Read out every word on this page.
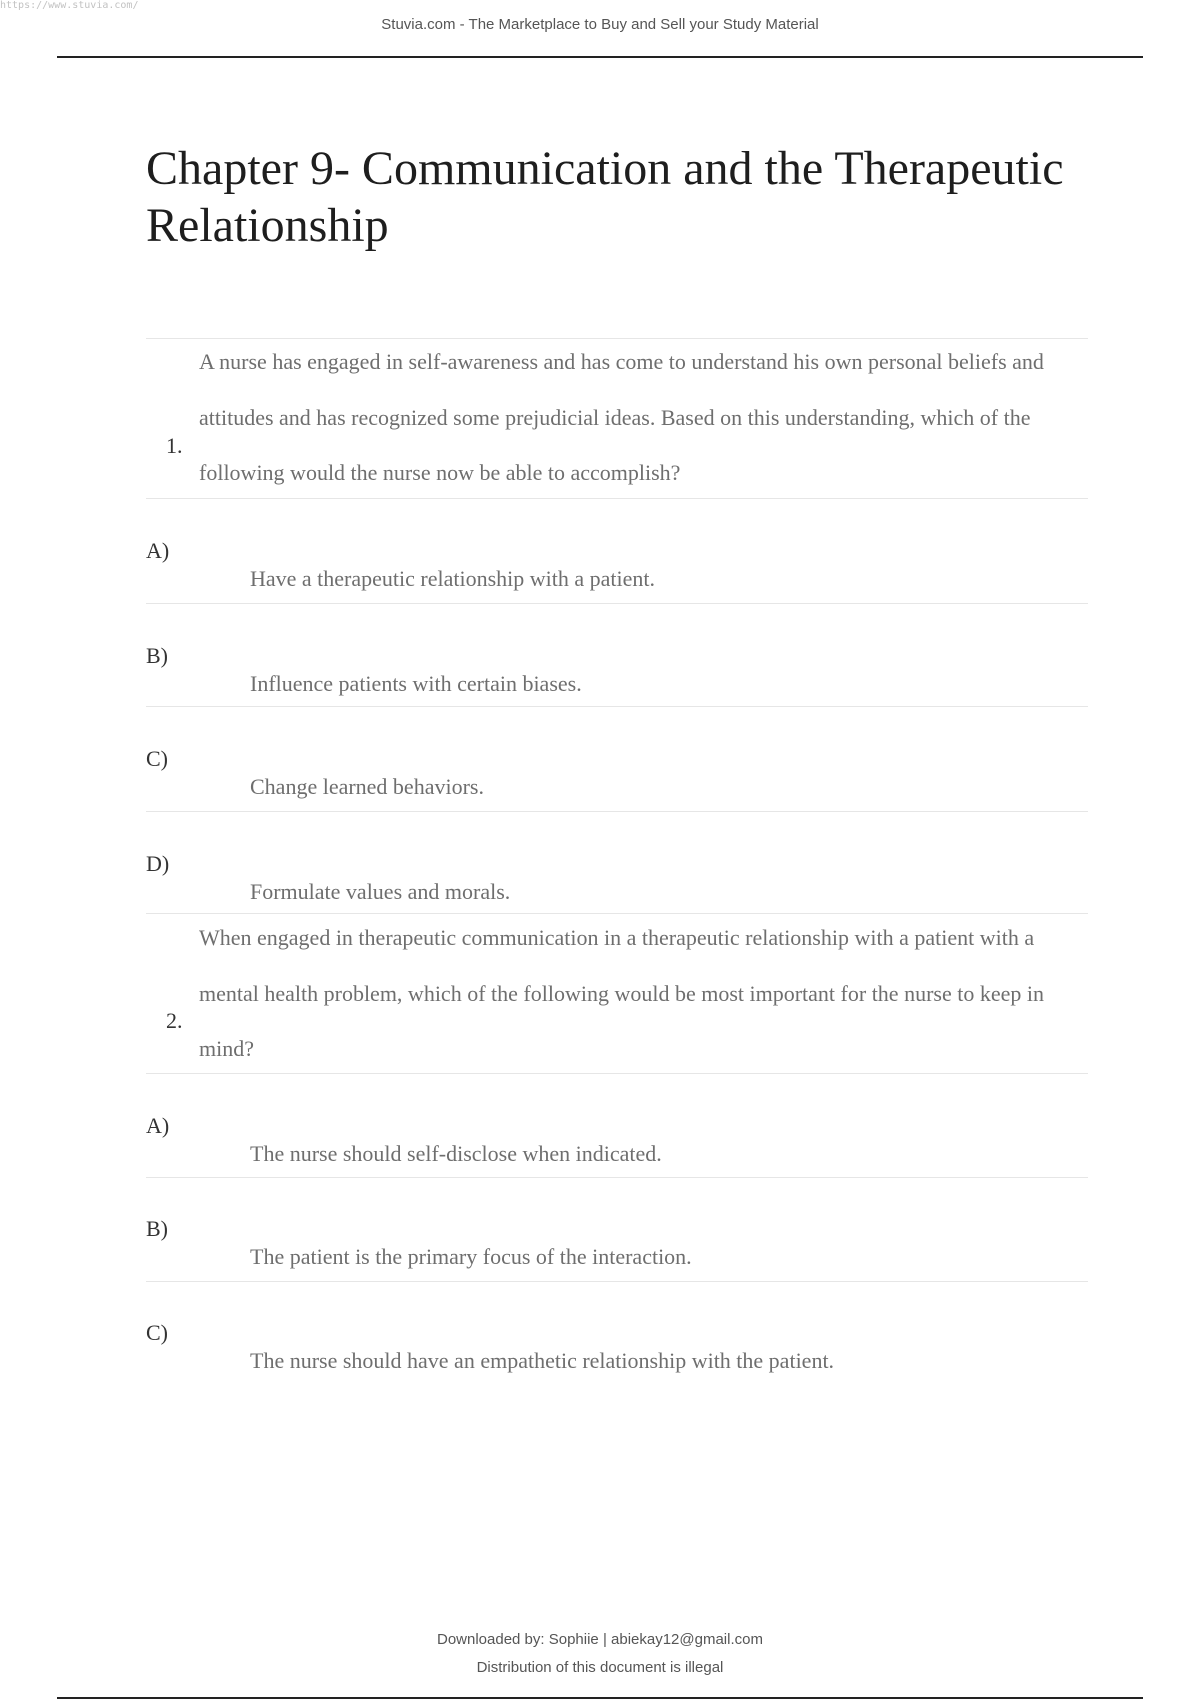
https://www.stuvia.com/
Stuvia.com - The Marketplace to Buy and Sell your Study Material
Chapter 9- Communication and the Therapeutic Relationship
1.
A nurse has engaged in self-awareness and has come to understand his own personal beliefs and attitudes and has recognized some prejudicial ideas. Based on this understanding, which of the following would the nurse now be able to accomplish?
A)
Have a therapeutic relationship with a patient.
B)
Influence patients with certain biases.
C)
Change learned behaviors.
D)
Formulate values and morals.
2.
When engaged in therapeutic communication in a therapeutic relationship with a patient with a mental health problem, which of the following would be most important for the nurse to keep in mind?
A)
The nurse should self-disclose when indicated.
B)
The patient is the primary focus of the interaction.
C)
The nurse should have an empathetic relationship with the patient.
Downloaded by: Sophiie | abiekay12@gmail.com
Distribution of this document is illegal
